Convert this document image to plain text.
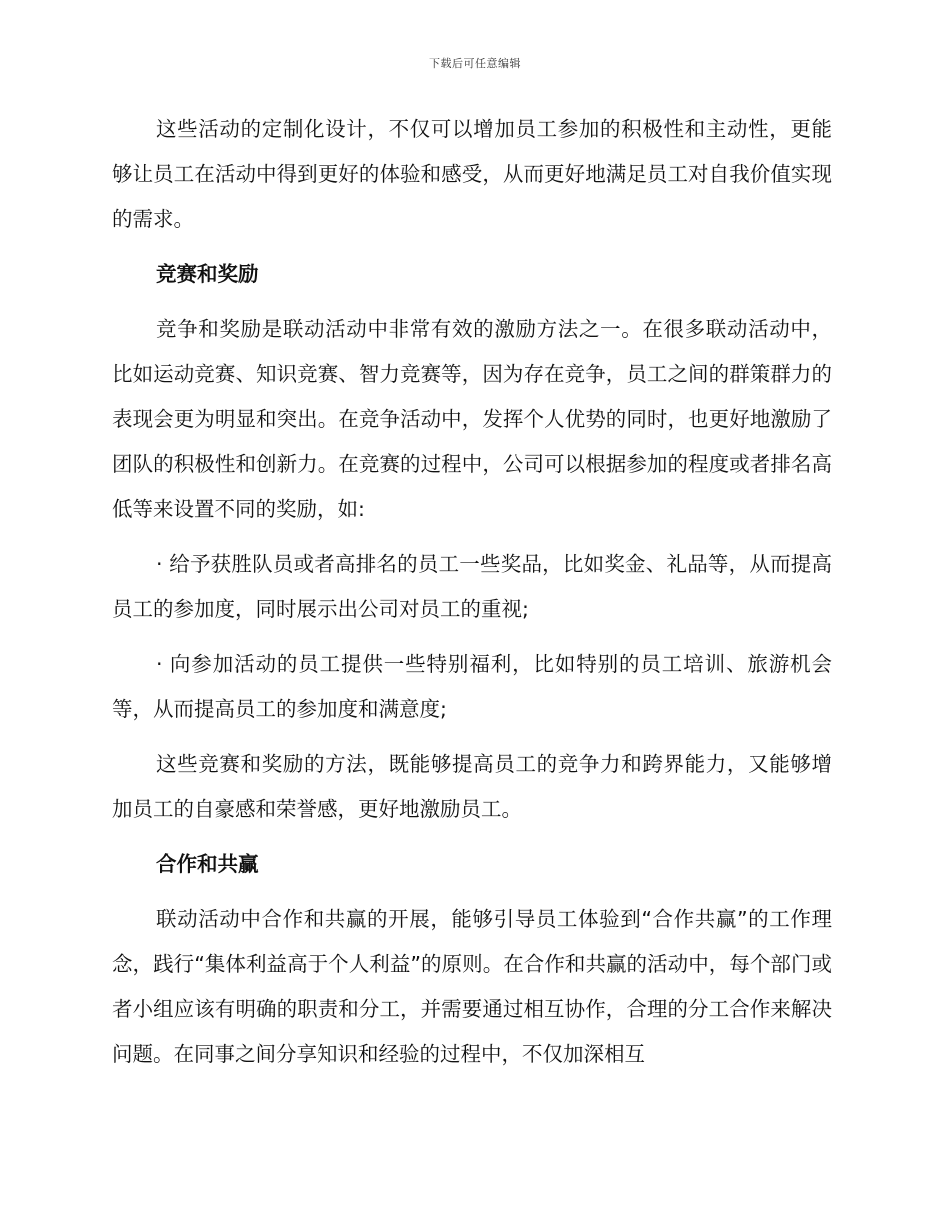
下载后可任意编辑

这些活动的定制化设计，不仅可以增加员工参加的积极性和主动性，更能够让员工在活动中得到更好的体验和感受，从而更好地满足员工对自我价值实现的需求。

竞赛和奖励

竞争和奖励是联动活动中非常有效的激励方法之一。在很多联动活动中，比如运动竞赛、知识竞赛、智力竞赛等，因为存在竞争，员工之间的群策群力的表现会更为明显和突出。在竞争活动中，发挥个人优势的同时，也更好地激励了团队的积极性和创新力。在竞赛的过程中，公司可以根据参加的程度或者排名高低等来设置不同的奖励，如:

· 给予获胜队员或者高排名的员工一些奖品，比如奖金、礼品等，从而提高员工的参加度，同时展示出公司对员工的重视;

· 向参加活动的员工提供一些特别福利，比如特别的员工培训、旅游机会等，从而提高员工的参加度和满意度;

这些竞赛和奖励的方法，既能够提高员工的竞争力和跨界能力，又能够增加员工的自豪感和荣誉感，更好地激励员工。

合作和共赢

联动活动中合作和共赢的开展，能够引导员工体验到“合作共赢”的工作理念，践行“集体利益高于个人利益”的原则。在合作和共赢的活动中，每个部门或者小组应该有明确的职责和分工，并需要通过相互协作，合理的分工合作来解决问题。在同事之间分享知识和经验的过程中，不仅加深相互
